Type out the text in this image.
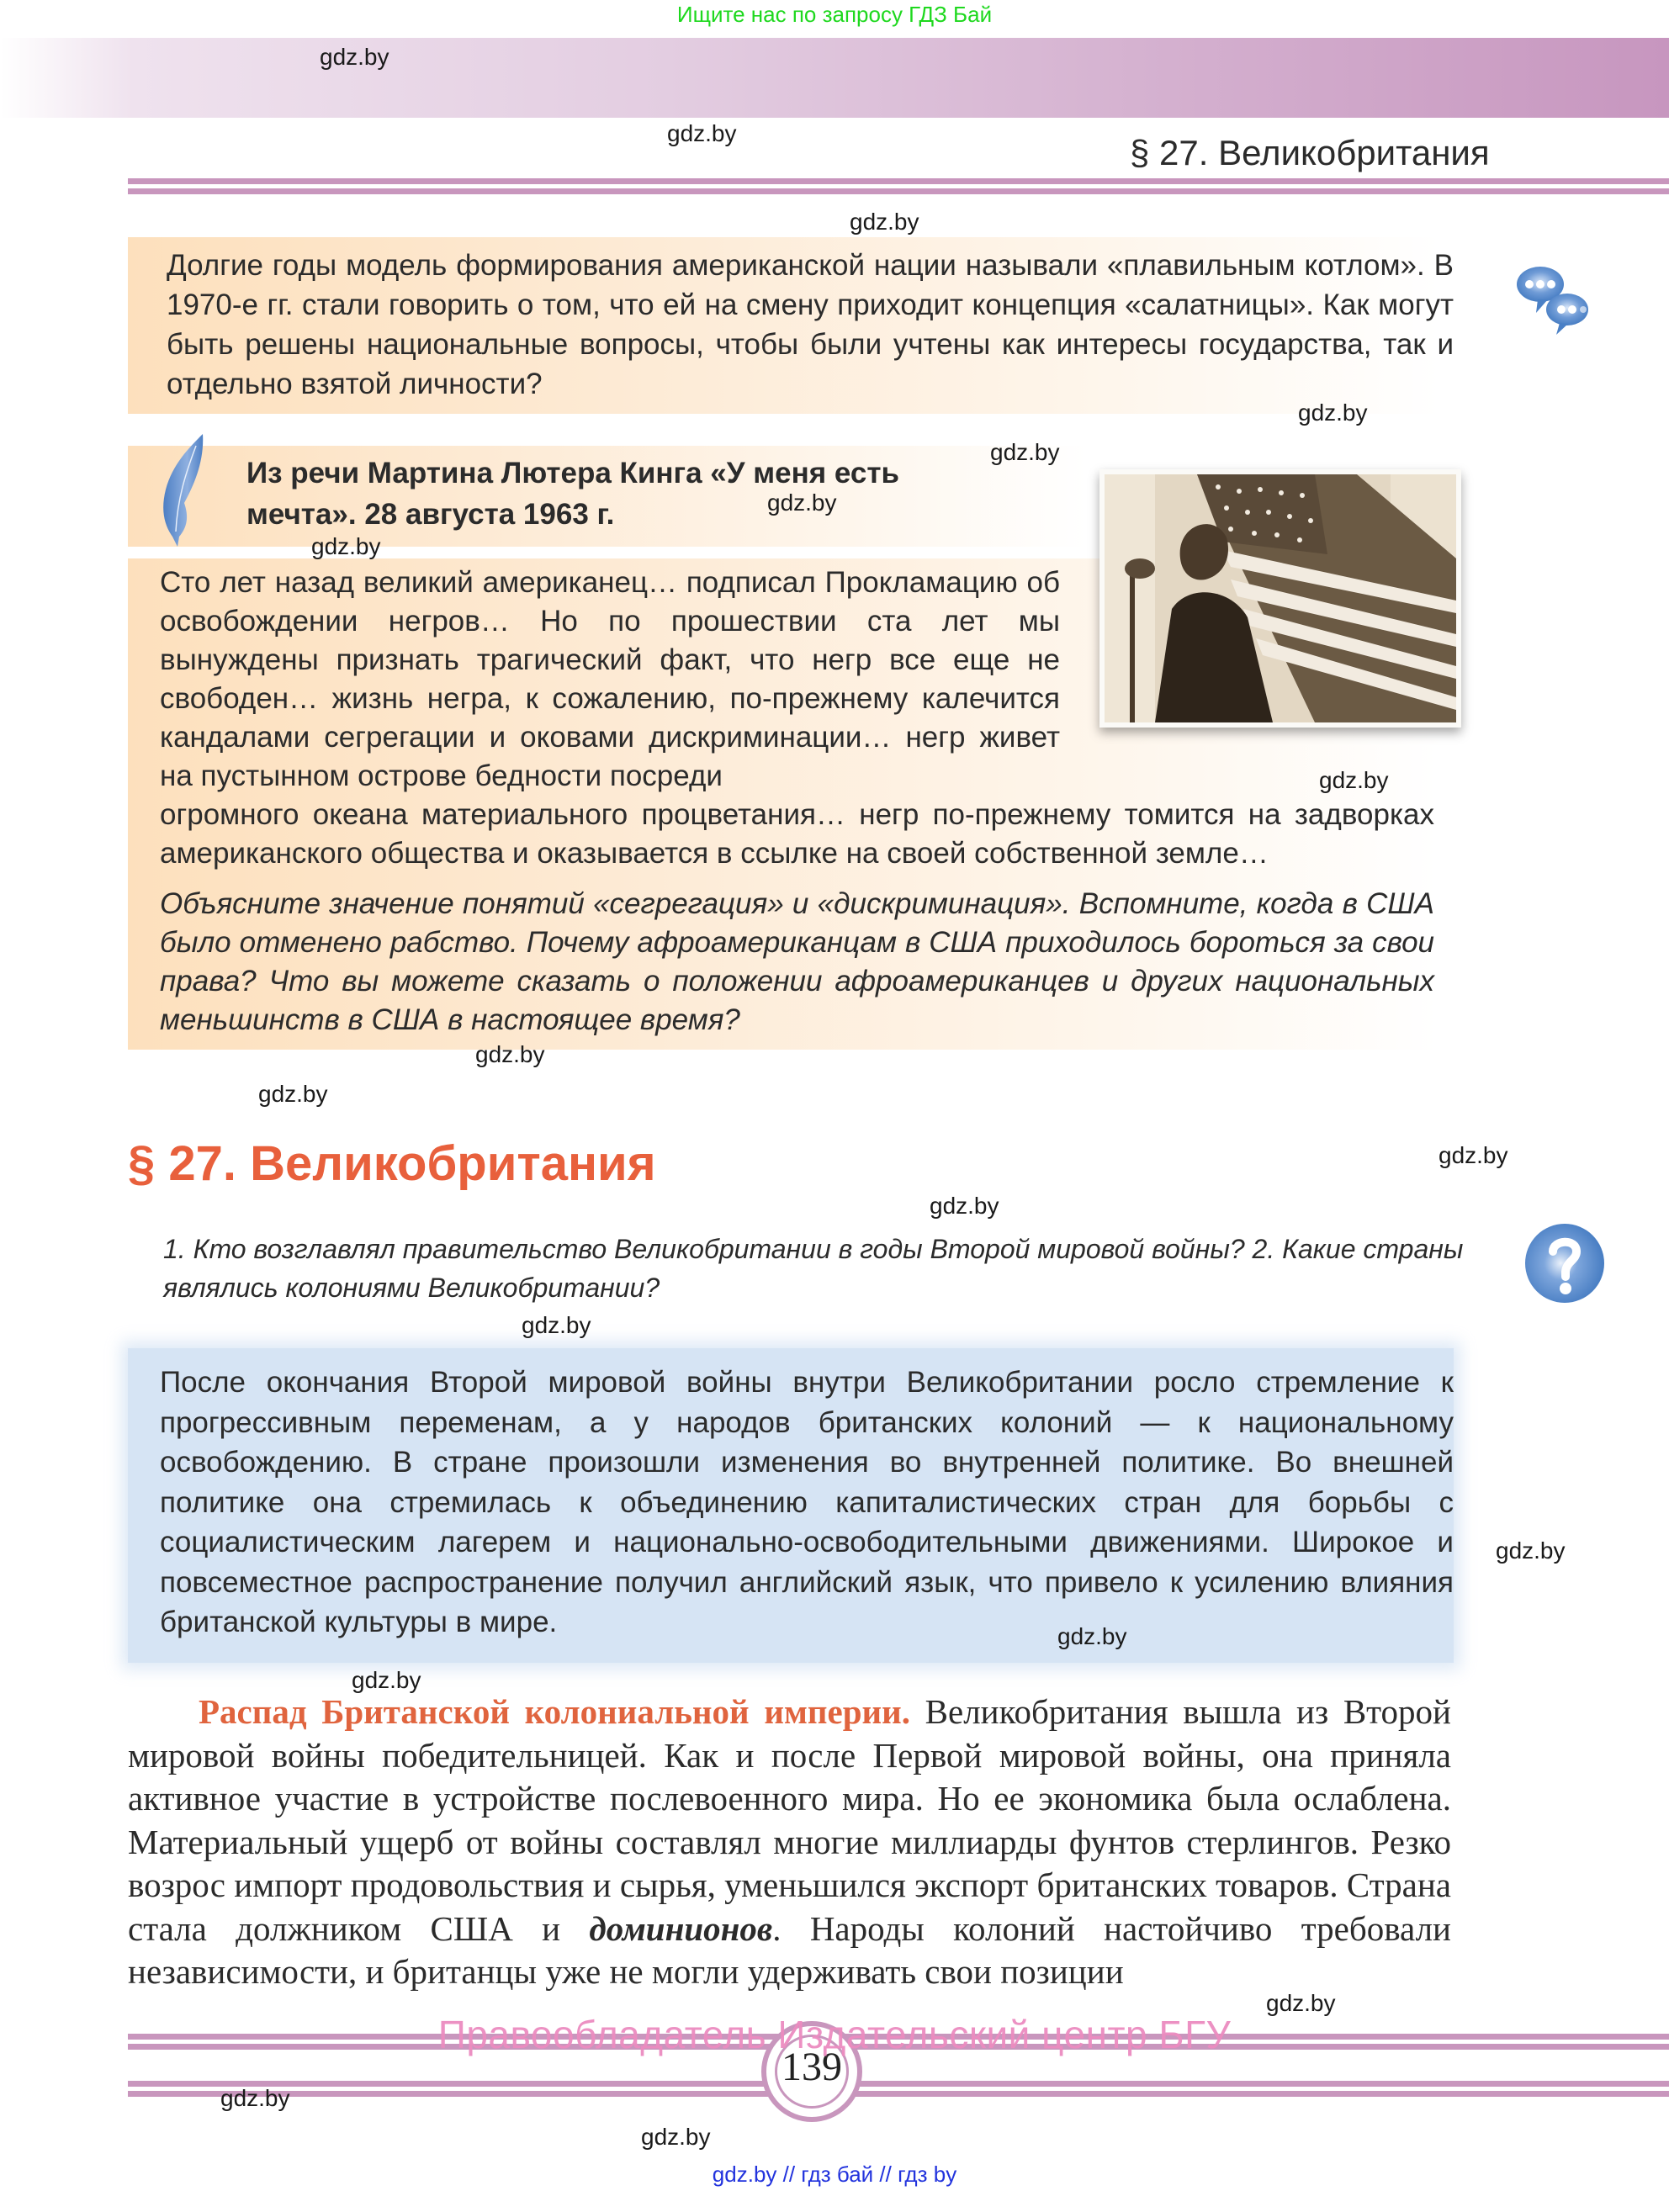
Ищите нас по запросу ГДЗ Бай
§ 27. Великобритания
Долгие годы модель формирования американской нации называли «плавильным котлом». В 1970-е гг. стали говорить о том, что ей на смену приходит концепция «салатницы». Как могут быть решены национальные вопросы, чтобы были учтены как интересы государства, так и отдельно взятой личности?
Из речи Мартина Лютера Кинга «У меня есть мечта». 28 августа 1963 г.
Сто лет назад великий американец… подписал Прокламацию об освобождении негров… Но по прошествии ста лет мы вынуждены признать трагический факт, что негр все еще не свободен… жизнь негра, к сожалению, по-прежнему калечится кандалами сегрегации и оковами дискриминации… негр живет на пустынном острове бедности посреди
огромного океана материального процветания… негр по-прежнему томится на задворках американского общества и оказывается в ссылке на своей собственной земле…
Объясните значение понятий «сегрегация» и «дискриминация». Вспомните, когда в США было отменено рабство. Почему афроамериканцам в США приходилось бороться за свои права? Что вы можете сказать о положении афроамериканцев и других национальных меньшинств в США в настоящее время?
§ 27. Великобритания
1. Кто возглавлял правительство Великобритании в годы Второй мировой войны? 2. Какие страны являлись колониями Великобритании?
После окончания Второй мировой войны внутри Великобритании росло стремление к прогрессивным переменам, а у народов британских колоний — к национальному освобождению. В стране произошли изменения во внутренней политике. Во внешней политике она стремилась к объединению капиталистических стран для борьбы с социалистическим лагерем и национально-освободительными движениями. Широкое и повсеместное распространение получил английский язык, что привело к усилению влияния британской культуры в мире.
Распад Британской колониальной империи. Великобритания вышла из Второй мировой войны победительницей. Как и после Первой мировой войны, она приняла активное участие в устройстве послевоенного мира. Но ее экономика была ослаблена. Материальный ущерб от войны составлял многие миллиарды фунтов стерлингов. Резко возрос импорт продовольствия и сырья, уменьшился экспорт британских товаров. Страна стала должником США и доминионов. Народы колоний настойчиво требовали независимости, и британцы уже не могли удерживать свои позиции
139
Правообладатель Издательский центр БГУ
gdz.by // гдз бай // гдз by
gdz.by
gdz.by
gdz.by
gdz.by
gdz.by
gdz.by
gdz.by
gdz.by
gdz.by
gdz.by
gdz.by
gdz.by
gdz.by
gdz.by
gdz.by
gdz.by
gdz.by
gdz.by
gdz.by
